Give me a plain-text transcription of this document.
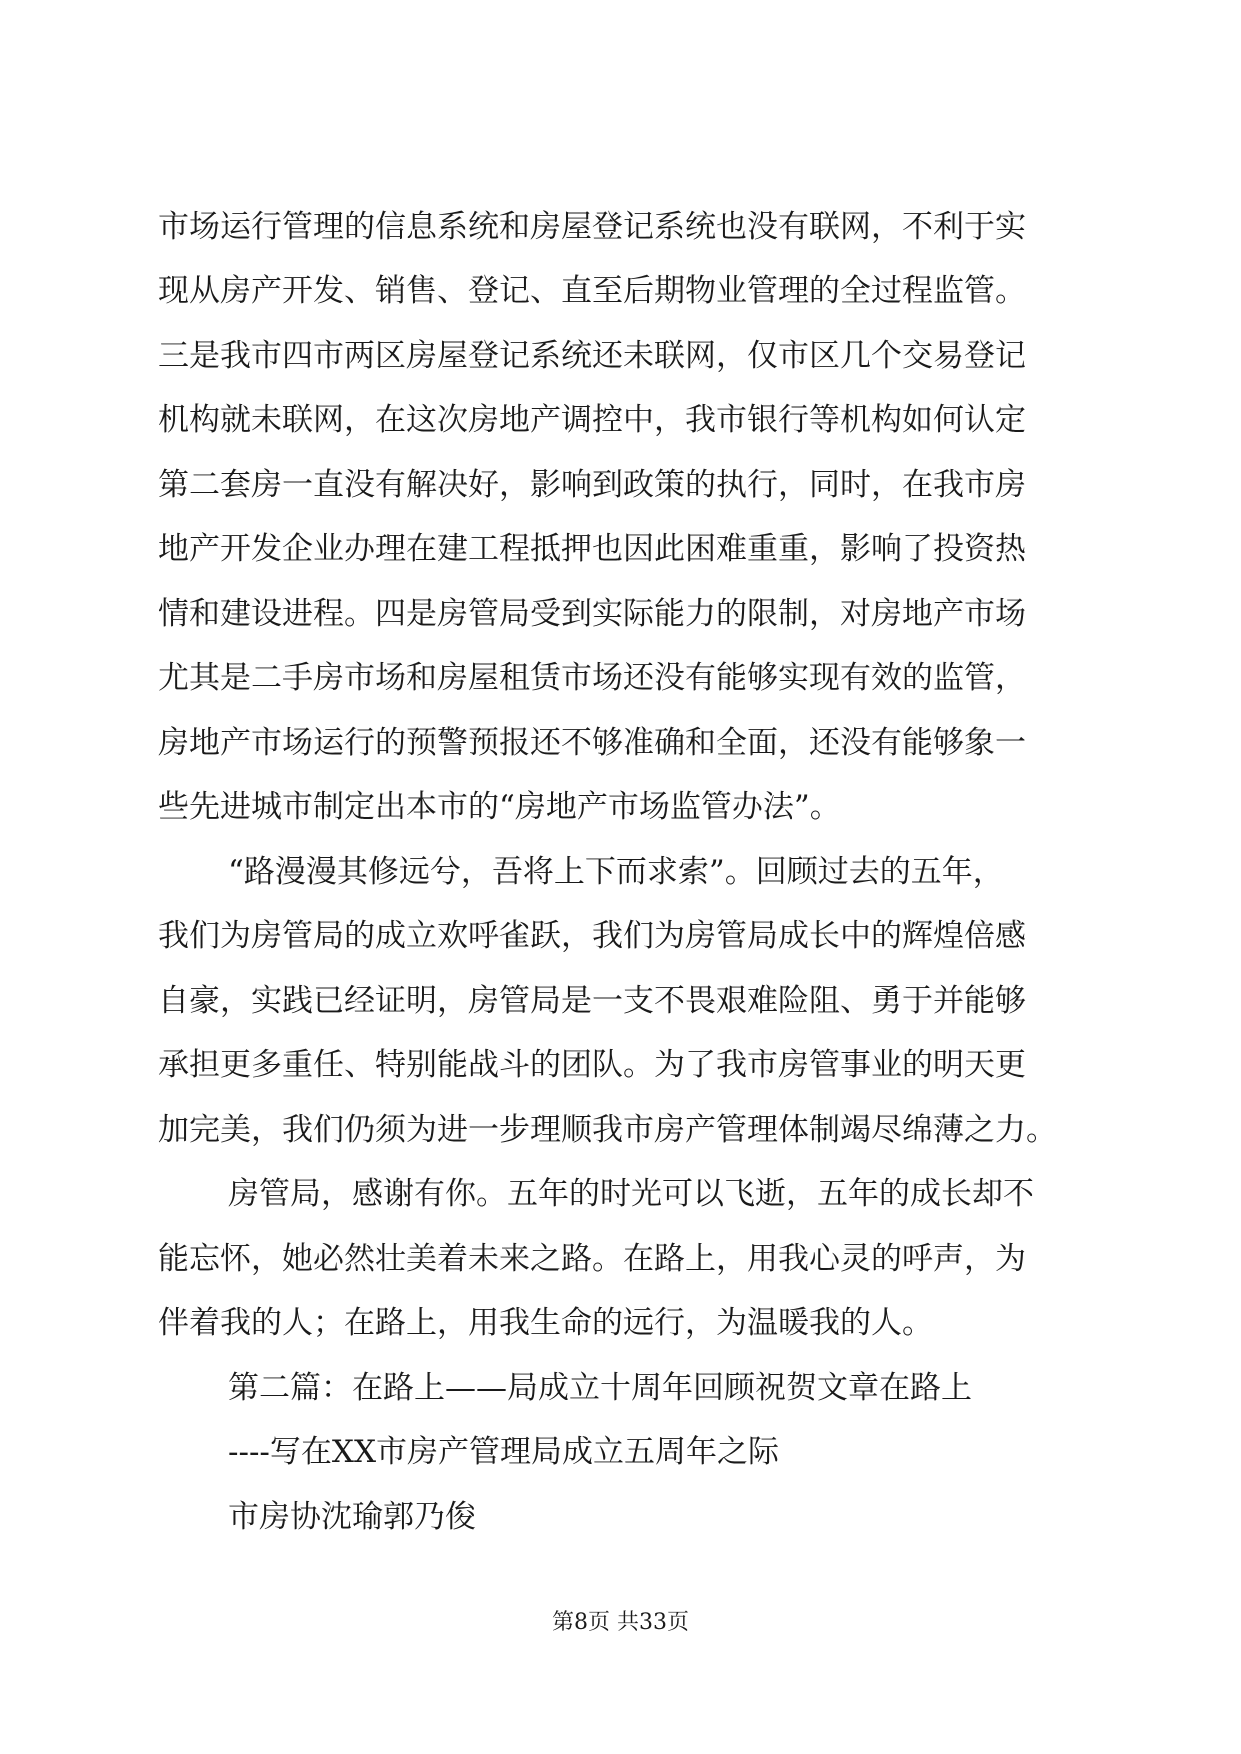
市场运行管理的信息系统和房屋登记系统也没有联网，不利于实
现从房产开发、销售、登记、直至后期物业管理的全过程监管。
三是我市四市两区房屋登记系统还未联网，仅市区几个交易登记
机构就未联网，在这次房地产调控中，我市银行等机构如何认定
第二套房一直没有解决好，影响到政策的执行，同时，在我市房
地产开发企业办理在建工程抵押也因此困难重重，影响了投资热
情和建设进程。四是房管局受到实际能力的限制，对房地产市场
尤其是二手房市场和房屋租赁市场还没有能够实现有效的监管，
房地产市场运行的预警预报还不够准确和全面，还没有能够象一
些先进城市制定出本市的“房地产市场监管办法”。
“路漫漫其修远兮，吾将上下而求索”。回顾过去的五年，
我们为房管局的成立欢呼雀跃，我们为房管局成长中的辉煌倍感
自豪，实践已经证明，房管局是一支不畏艰难险阻、勇于并能够
承担更多重任、特别能战斗的团队。为了我市房管事业的明天更
加完美，我们仍须为进一步理顺我市房产管理体制竭尽绵薄之力。
房管局，感谢有你。五年的时光可以飞逝，五年的成长却不
能忘怀，她必然壮美着未来之路。在路上，用我心灵的呼声，为
伴着我的人；在路上，用我生命的远行，为温暖我的人。
第二篇：在路上——局成立十周年回顾祝贺文章在路上
----写在XX市房产管理局成立五周年之际
市房协沈瑜郭乃俊
第8页 共33页
